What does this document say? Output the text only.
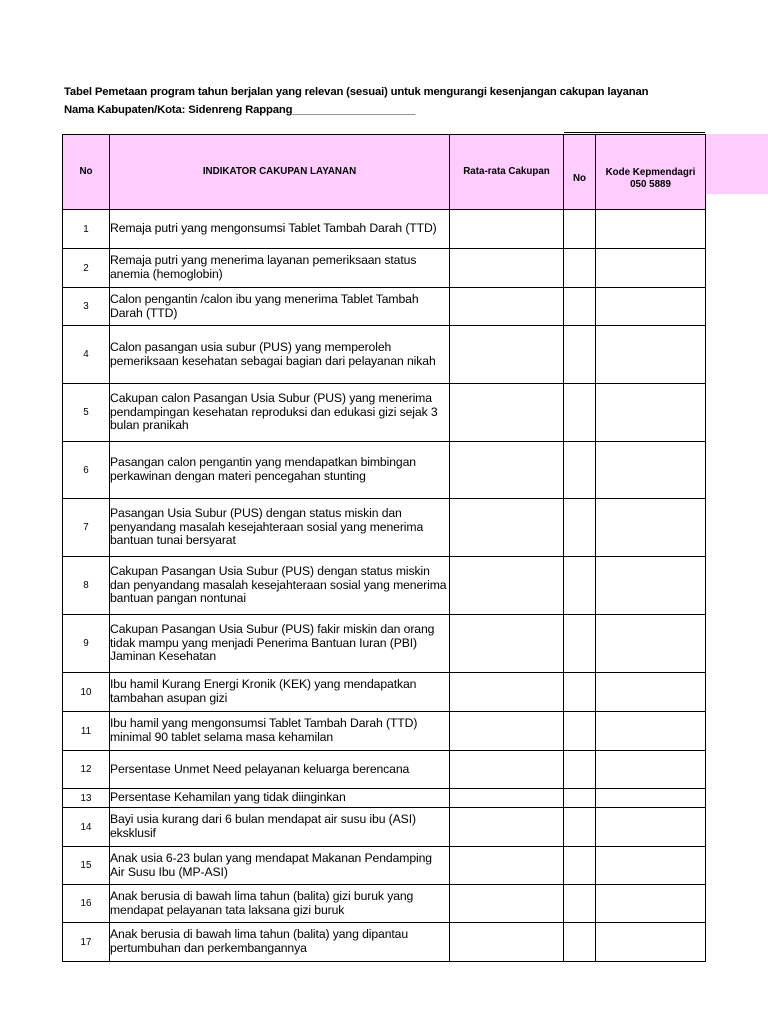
Tabel Pemetaan program tahun berjalan yang relevan (sesuai) untuk mengurangi kesenjangan cakupan layanan
Nama Kabupaten/Kota: Sidenreng Rappang____________________
No	INDIKATOR CAKUPAN LAYANAN	Rata-rata Cakupan	No	Kode Kepmendagri
050 5889

1	Remaja putri yang mengonsumsi Tablet Tambah Darah (TTD)			
2	Remaja putri yang menerima layanan pemeriksaan status anemia (hemoglobin)			
3	Calon pengantin /calon ibu yang menerima Tablet Tambah Darah (TTD)			
4	Calon pasangan usia subur (PUS) yang memperoleh pemeriksaan kesehatan sebagai bagian dari pelayanan nikah			
5	Cakupan calon Pasangan Usia Subur (PUS) yang menerima pendampingan kesehatan reproduksi dan edukasi gizi sejak 3 bulan pranikah			
6	Pasangan calon pengantin yang mendapatkan bimbingan perkawinan dengan materi pencegahan stunting			
7	Pasangan Usia Subur (PUS) dengan status miskin dan penyandang masalah kesejahteraan sosial yang menerima bantuan tunai bersyarat			
8	Cakupan Pasangan Usia Subur (PUS) dengan status miskin dan penyandang masalah kesejahteraan sosial yang menerima bantuan pangan nontunai			
9	Cakupan Pasangan Usia Subur (PUS) fakir miskin dan orang tidak mampu yang menjadi Penerima Bantuan Iuran (PBI) Jaminan Kesehatan			
10	Ibu hamil Kurang Energi Kronik (KEK) yang mendapatkan tambahan asupan gizi			
11	Ibu hamil yang mengonsumsi Tablet Tambah Darah (TTD) minimal 90 tablet selama masa kehamilan			
12	Persentase Unmet Need pelayanan keluarga berencana			
13	Persentase Kehamilan yang tidak diinginkan			
14	Bayi usia kurang dari 6 bulan mendapat air susu ibu (ASI) eksklusif			
15	Anak usia 6-23 bulan yang mendapat Makanan Pendamping Air Susu Ibu (MP-ASI)			
16	Anak berusia di bawah lima tahun (balita) gizi buruk yang mendapat pelayanan tata laksana gizi buruk			
17	Anak berusia di bawah lima tahun (balita) yang dipantau pertumbuhan dan perkembangannya			
